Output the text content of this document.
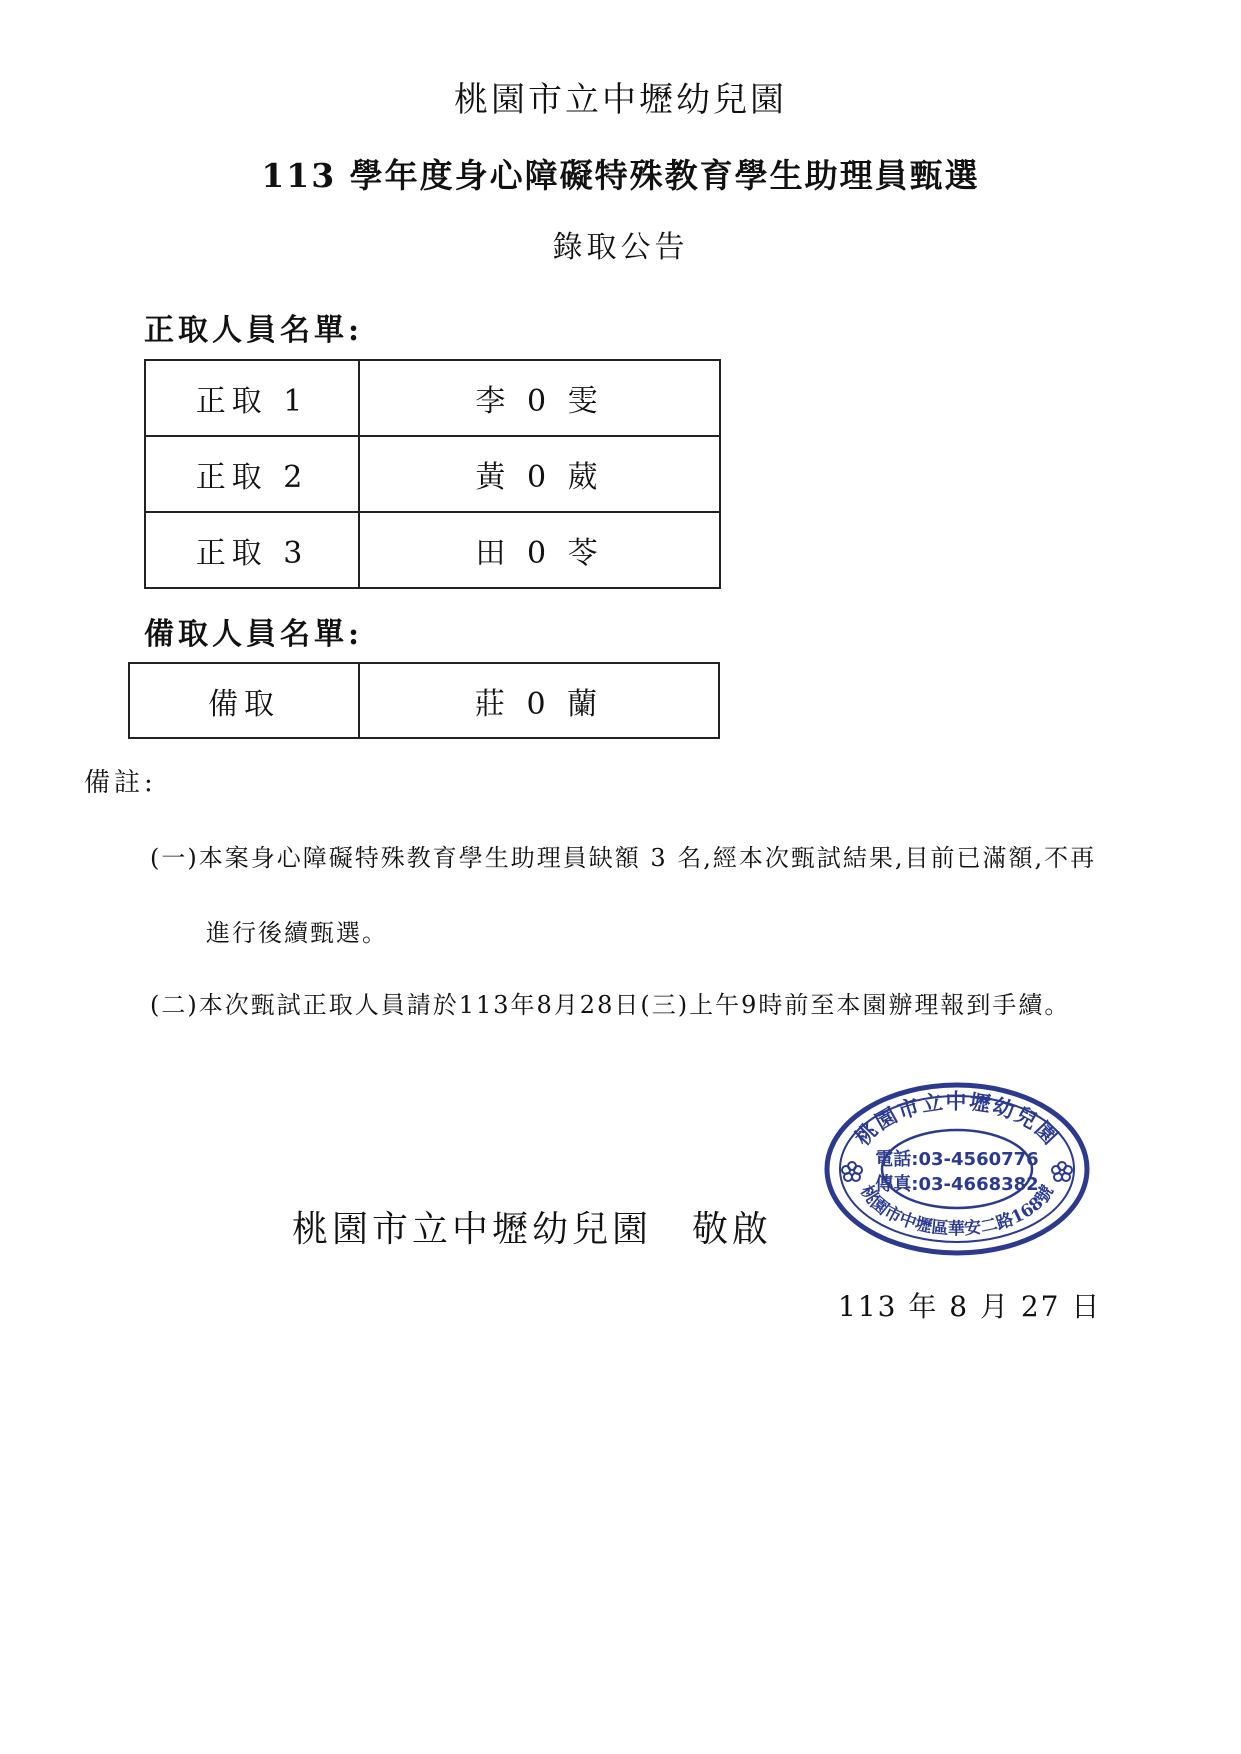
桃園市立中壢幼兒園
113 學年度身心障礙特殊教育學生助理員甄選
錄取公告
正取人員名單:
正取 1	李 0 雯
正取 2	黃 0 葳
正取 3	田 0 苓
備取人員名單:
備取	莊 0 蘭
備註:
(一)本案身心障礙特殊教育學生助理員缺額 3 名,經本次甄試結果,目前已滿額,不再
進行後續甄選。
(二)本次甄試正取人員請於113年8月28日(三)上午9時前至本園辦理報到手續。
桃園市立中壢幼兒園
桃園市中壢區華安二路168號
電話:03-4560776
傳真:03-4668382
桃園市立中壢幼兒園　敬啟
113 年 8 月 27 日
